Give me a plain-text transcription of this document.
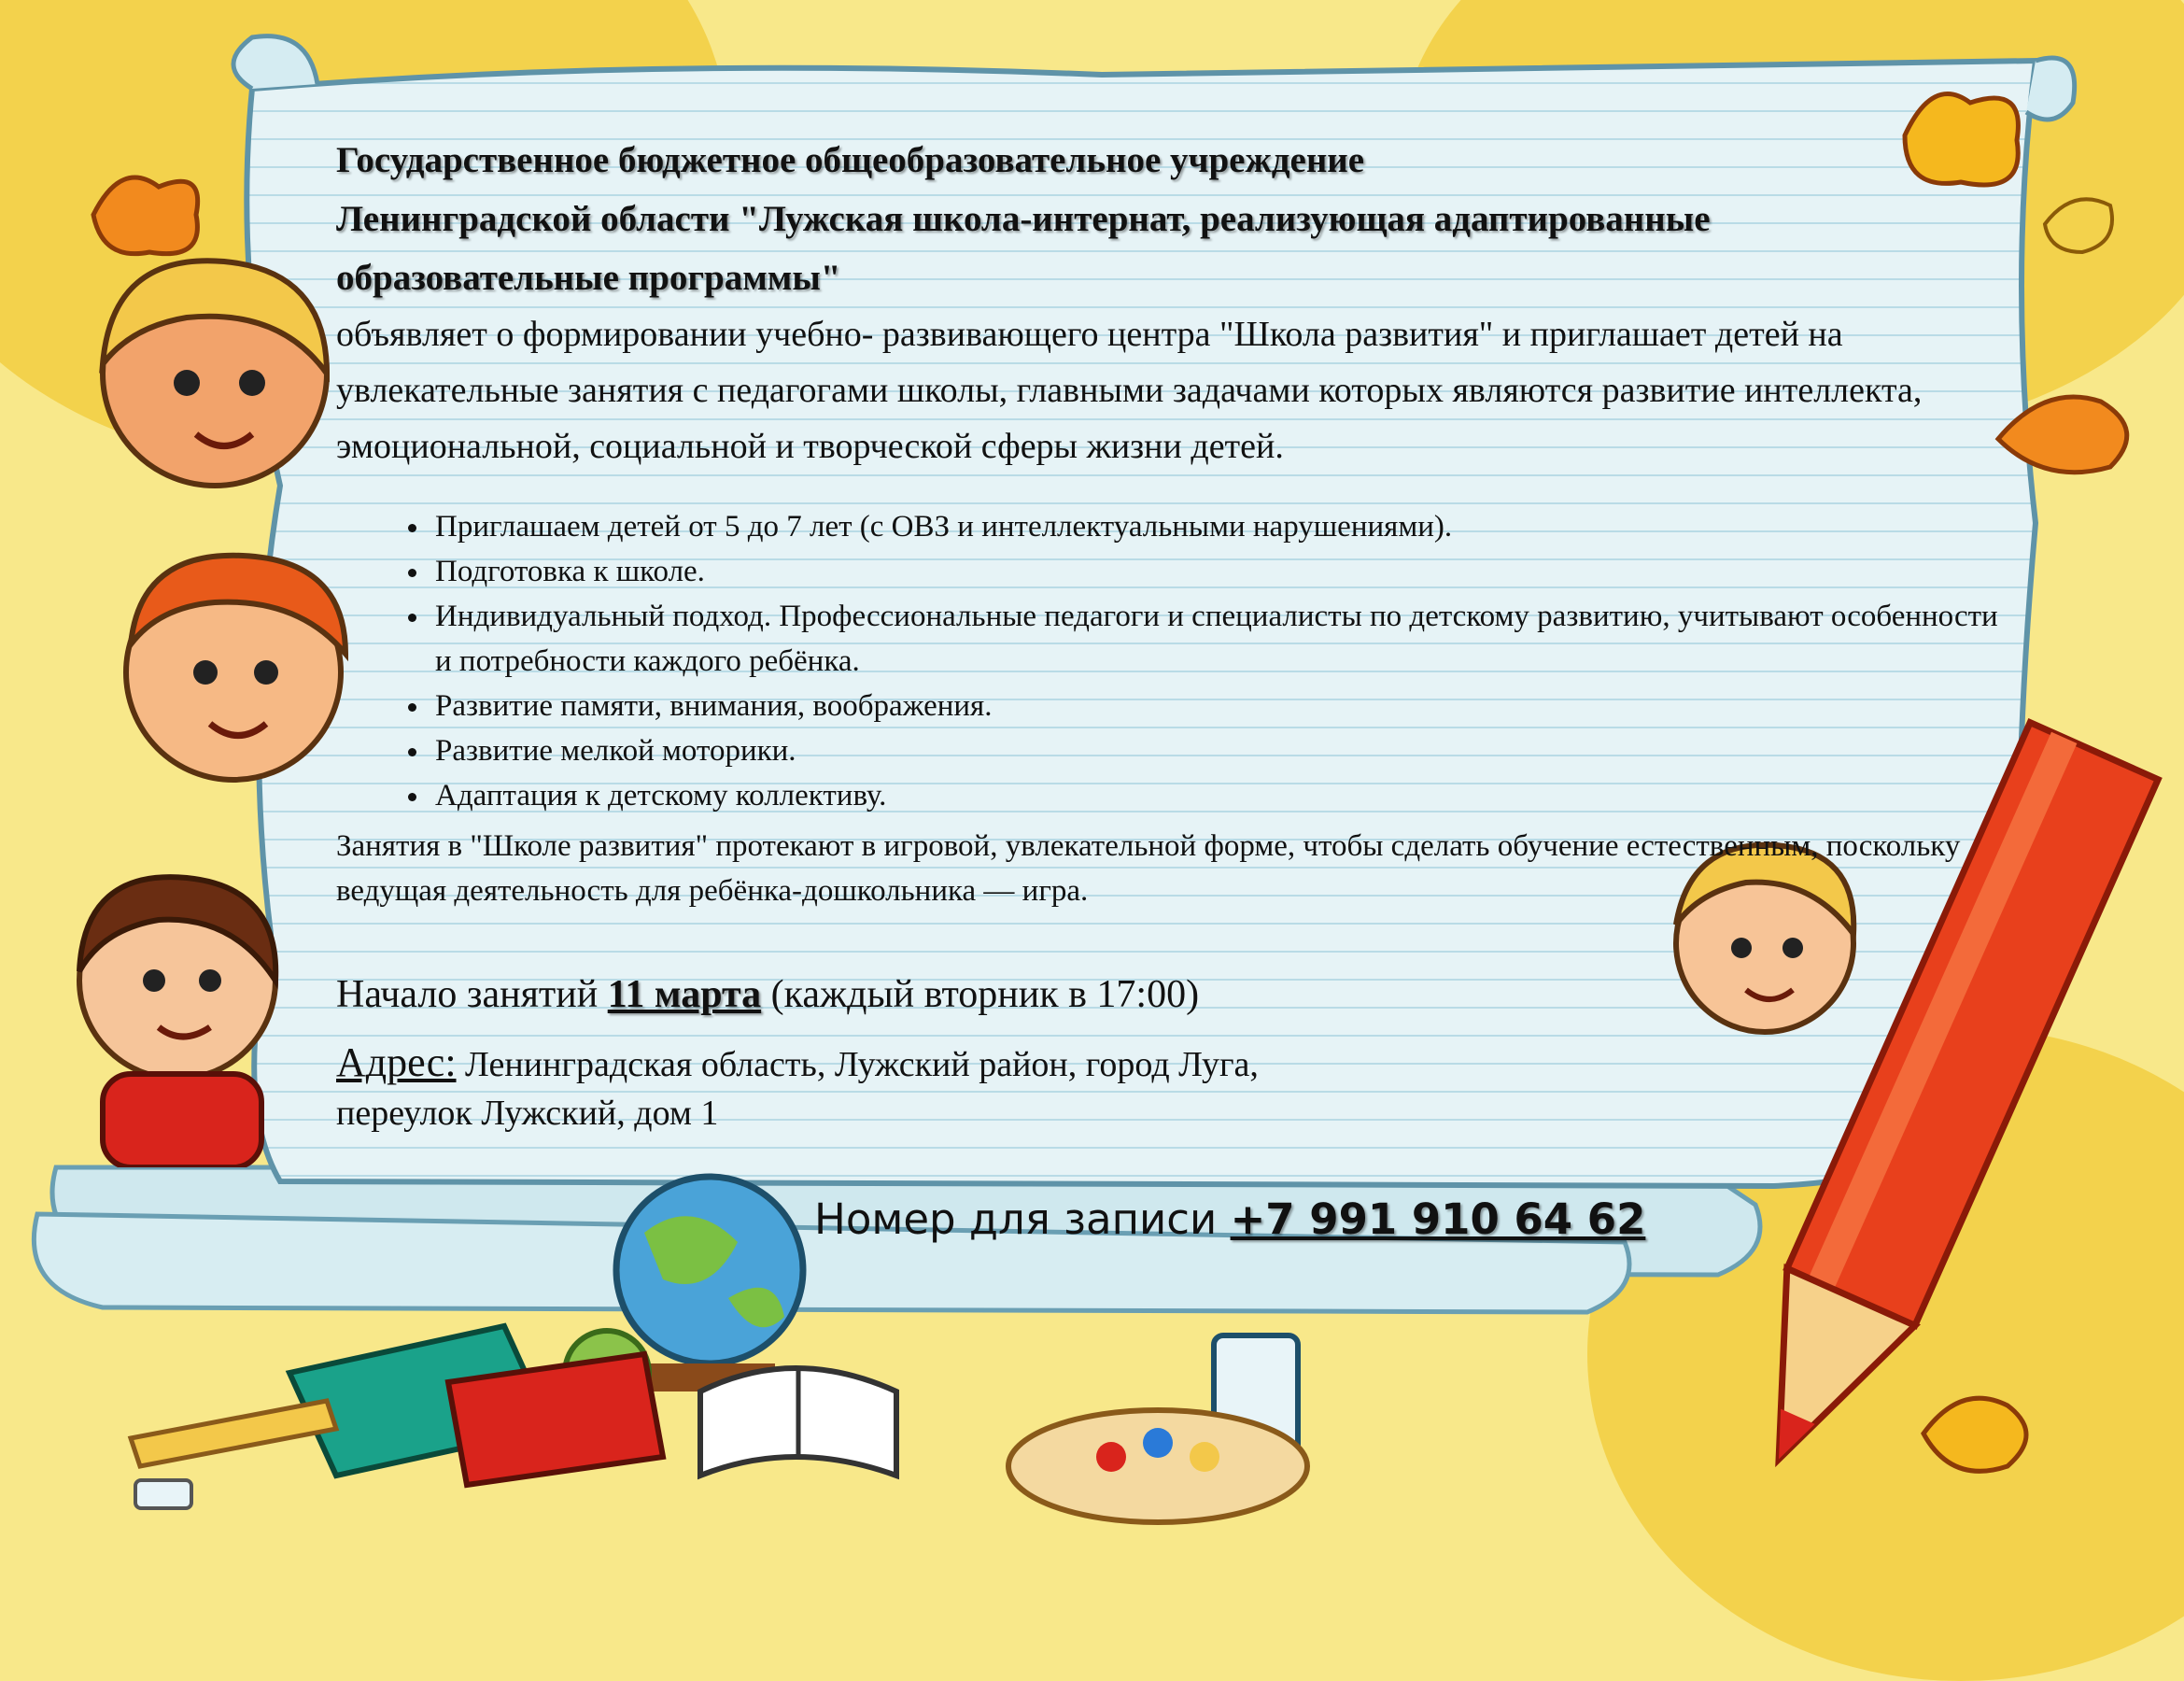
Государственное бюджетное общеобразовательное учреждение
Ленинградской области "Лужская школа-интернат, реализующая адаптированные
образовательные программы"
объявляет о формировании учебно- развивающего центра "Школа развития" и приглашает детей на увлекательные занятия с педагогами школы, главными задачами которых являются развитие интеллекта, эмоциональной, социальной и творческой сферы жизни детей.
• Приглашаем детей от 5 до 7 лет (с ОВЗ и интеллектуальными нарушениями).
• Подготовка к школе.
• Индивидуальный подход. Профессиональные педагоги и специалисты по детскому развитию, учитывают особенности и потребности каждого ребёнка.
• Развитие памяти, внимания, воображения.
• Развитие мелкой моторики.
• Адаптация к детскому коллективу.
Занятия в "Школе развития" протекают в игровой, увлекательной форме, чтобы сделать обучение естественным, поскольку ведущая деятельность для ребёнка-дошкольника — игра.
Начало занятий 11 марта (каждый вторник в 17:00)
Адрес: Ленинградская область, Лужский район, город Луга,
переулок Лужский, дом 1
Номер для записи +7 991 910 64 62
